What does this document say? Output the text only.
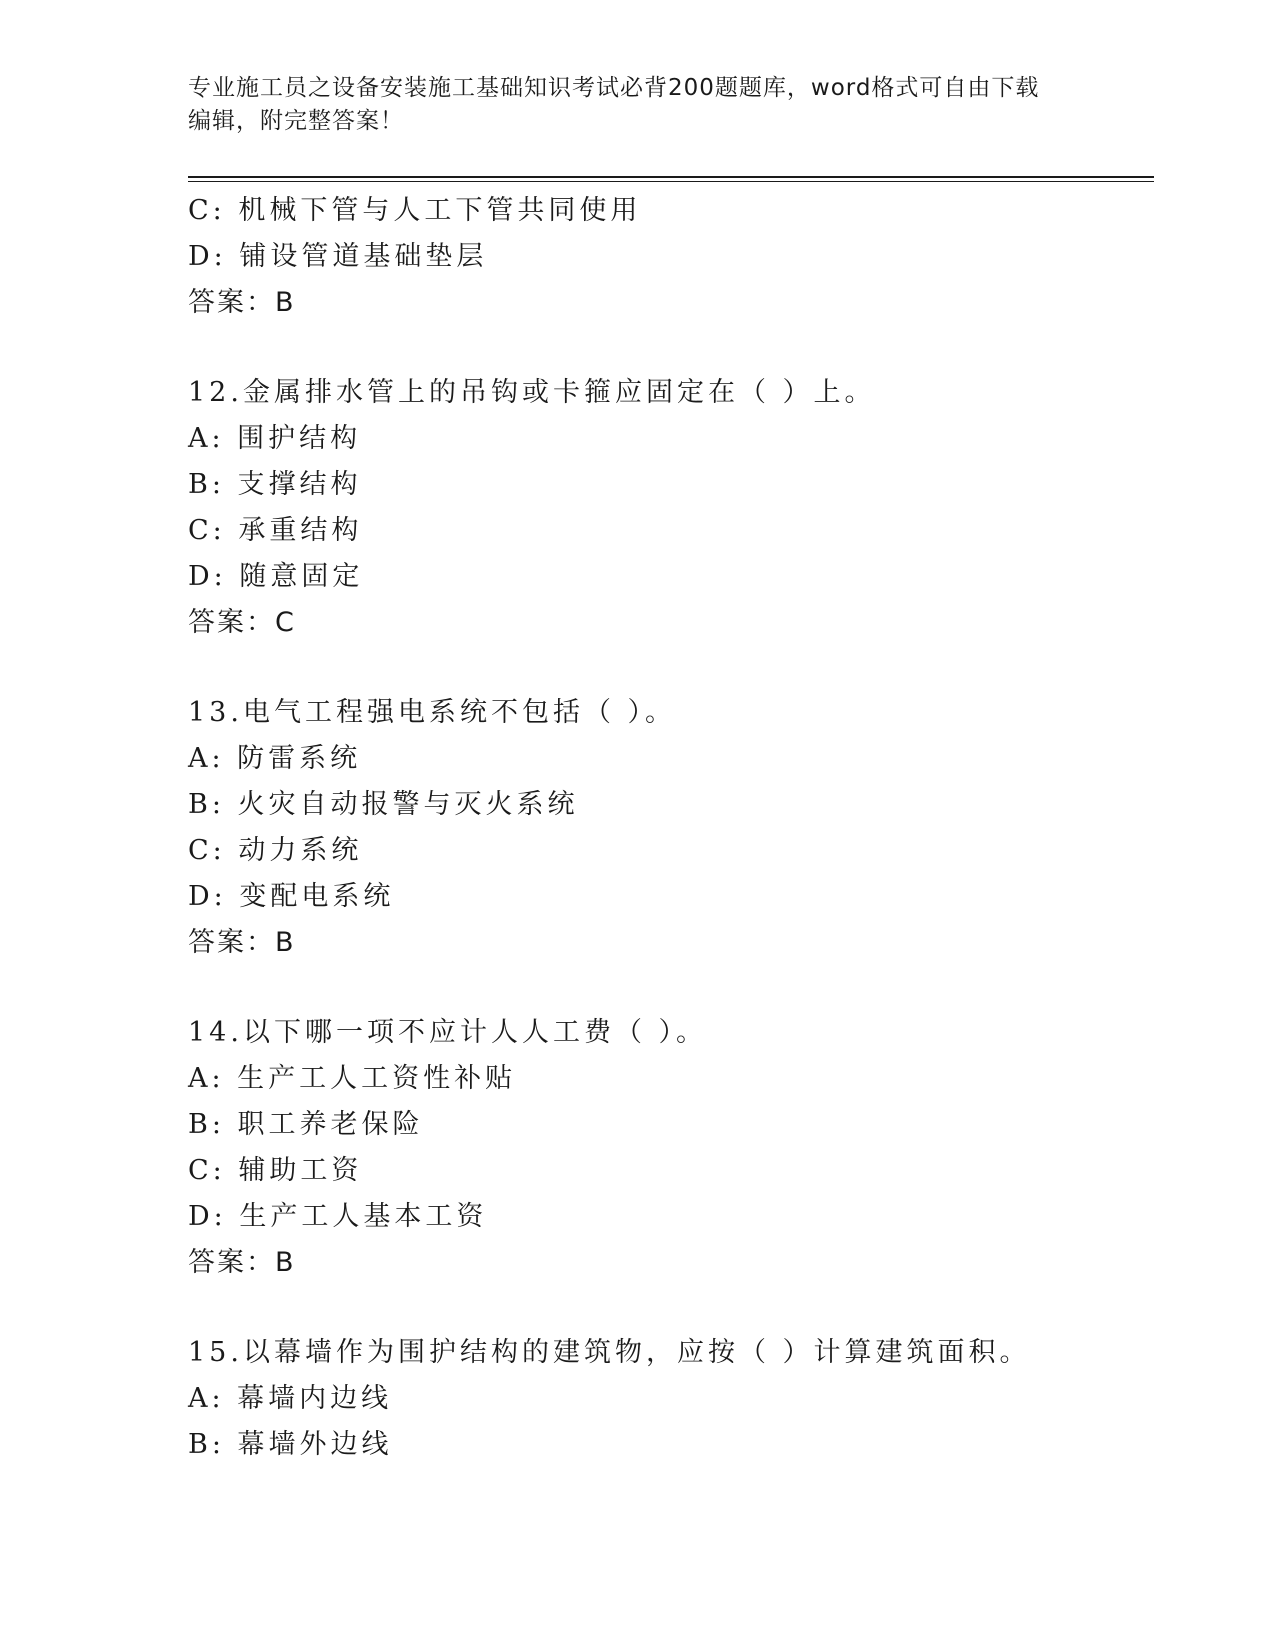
专业施工员之设备安装施工基础知识考试必背200题题库，word格式可自由下载
编辑，附完整答案！
C: 机械下管与人工下管共同使用
D: 铺设管道基础垫层
答案：B
12.金属排水管上的吊钩或卡箍应固定在（ ）上。
A: 围护结构
B: 支撑结构
C: 承重结构
D: 随意固定
答案：C
13.电气工程强电系统不包括（ ）。
A: 防雷系统
B: 火灾自动报警与灭火系统
C: 动力系统
D: 变配电系统
答案：B
14.以下哪一项不应计人人工费（ ）。
A: 生产工人工资性补贴
B: 职工养老保险
C: 辅助工资
D: 生产工人基本工资
答案：B
15.以幕墙作为围护结构的建筑物，应按（ ）计算建筑面积。
A: 幕墙内边线
B: 幕墙外边线
